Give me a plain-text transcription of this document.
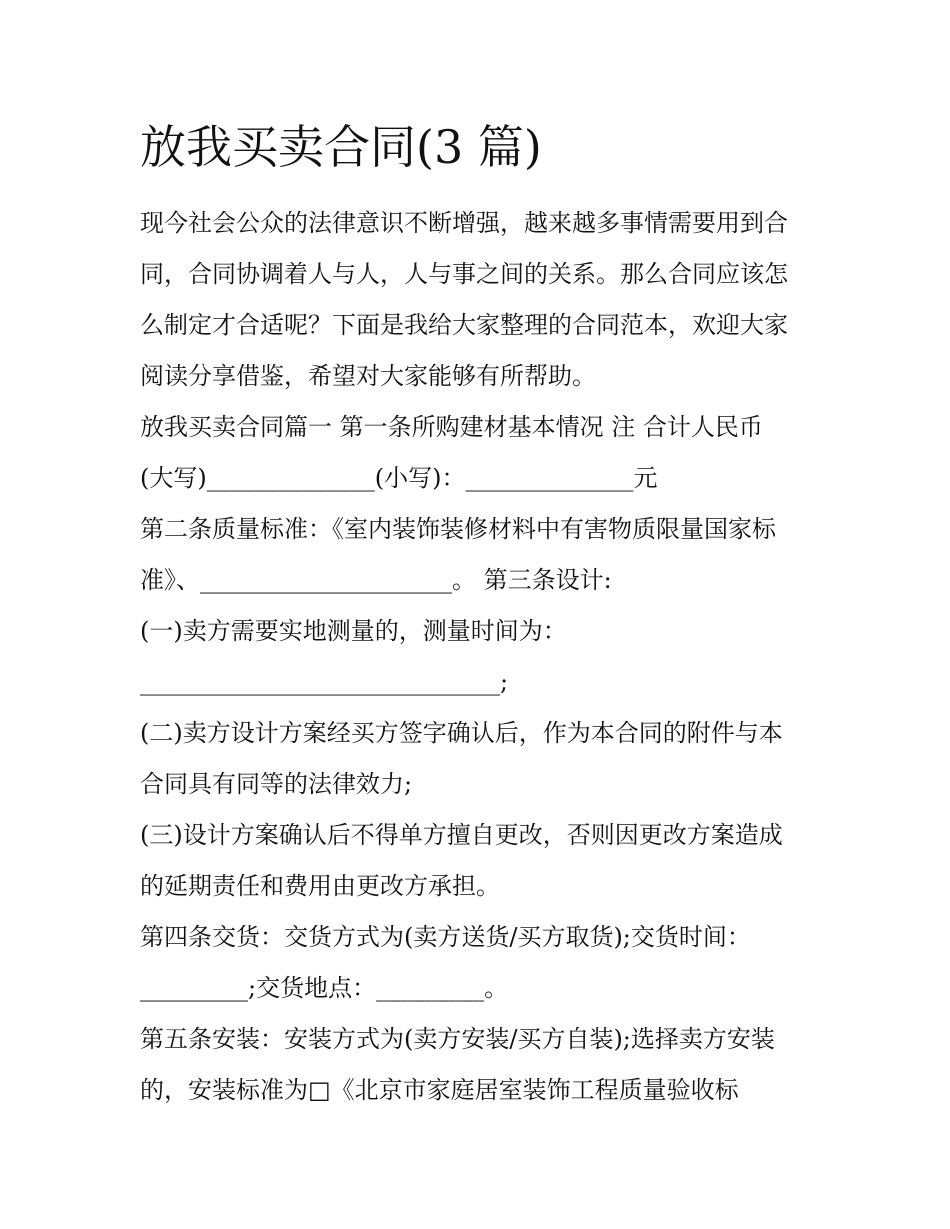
放我买卖合同(3 篇)
现今社会公众的法律意识不断增强，越来越多事情需要用到合
同，合同协调着人与人，人与事之间的关系。那么合同应该怎
么制定才合适呢？下面是我给大家整理的合同范本，欢迎大家
阅读分享借鉴，希望对大家能够有所帮助。
放我买卖合同篇一 第一条所购建材基本情况 注 合计人民币
(大写)______________(小写)：______________元
第二条质量标准：《室内装饰装修材料中有害物质限量国家标
准》、_____________________。 第三条设计:
(一)卖方需要实地测量的，测量时间为：
______________________________;
(二)卖方设计方案经买方签字确认后，作为本合同的附件与本
合同具有同等的法律效力;
(三)设计方案确认后不得单方擅自更改，否则因更改方案造成
的延期责任和费用由更改方承担。
第四条交货：交货方式为(卖方送货/买方取货);交货时间：
_________;交货地点：_________。
第五条安装：安装方式为(卖方安装/买方自装);选择卖方安装
的，安装标准为□《北京市家庭居室装饰工程质量验收标
